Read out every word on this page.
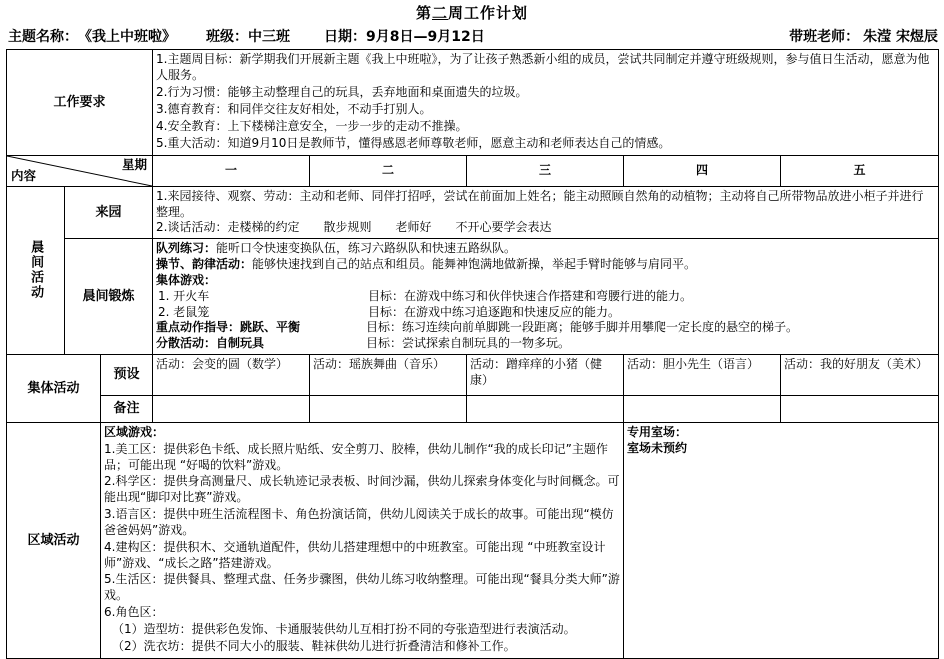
第二周工作计划
主题名称： 《我上中班啦》 班级： 中三班 日期： 9月8日—9月12日	带班老师： 朱滢 宋煜辰
工作要求			1.主题周目标：新学期我们开展新主题《我上中班啦》，为了让孩子熟悉新小组的成员，尝试共同制定并遵守班级规则，参与值日生活动，愿意为他人服务。

2.行为习惯：能够主动整理自己的玩具，丢弃地面和桌面遗失的垃圾。

3.德育教育：和同伴交往友好相处，不动手打别人。

4.安全教育：上下楼梯注意安全，一步一步的走动不推操。

5.重大活动：知道9月10日是教师节，懂得感恩老师尊敬老师，愿意主动和老师表达自己的情感。				

星期
内容			一	二	三	四	五

晨间活动	来园		1.来园接待、观察、劳动：主动和老师、同伴打招呼，尝试在前面加上姓名；能主动照顾自然角的动植物；主动将自己所带物品放进小柜子并进行整理。

2.谈话活动：走楼梯的约定　　散步规则　　老师好　　不开心要学会表达				

晨间锻炼	

队列练习：能听口令快速变换队伍，练习六路纵队和快速五路纵队。

操节、韵律活动：能够快速找到自己的站点和组员。能舞神饱满地做新操，举起手臂时能够与肩同平。

集体游戏：

1. 开火车	目标：在游戏中练习和伙伴快速合作搭建和弯腰行进的能力。
2. 老鼠笼	目标：在游戏中练习追逐跑和快速反应的能力。
重点动作指导：跳跃、平衡	目标：练习连续向前单脚跳一段距离；能够手脚并用攀爬一定长度的悬空的梯子。
分散活动：自制玩具	目标：尝试探索自制玩具的一物多玩。

集体活动		预设	活动：会变的圆（数学）	活动：瑶族舞曲（音乐）	活动：蹭痒痒的小猪（健康）	活动：胆小先生（语言）	活动：我的好朋友（美术）
		备注					
区域活动	

区域游戏：

1.美工区：提供彩色卡纸、成长照片贴纸、安全剪刀、胶棒，供幼儿制作“我的成长印记”主题作品；可能出现 “好喝的饮料”游戏。

2.科学区：提供身高测量尺、成长轨迹记录表板、时间沙漏，供幼儿探索身体变化与时间概念。可能出现“脚印对比赛”游戏。

3.语言区：提供中班生活流程图卡、角色扮演话筒，供幼儿阅读关于成长的故事。可能出现“模仿爸爸妈妈”游戏。

4.建构区：提供积木、交通轨道配件，供幼儿搭建理想中的中班教室。可能出现 “中班教室设计师”游戏、“成长之路”搭建游戏。

5.生活区：提供餐具、整理式盘、任务步骤图，供幼儿练习收纳整理。可能出现“餐具分类大师”游戏。

6.角色区：

（1）造型坊：提供彩色发饰、卡通服装供幼儿互相打扮不同的夸张造型进行表演活动。

（2）洗衣坊：提供不同大小的服装、鞋袜供幼儿进行折叠清洁和修补工作。

专用室场：

室场未预约
